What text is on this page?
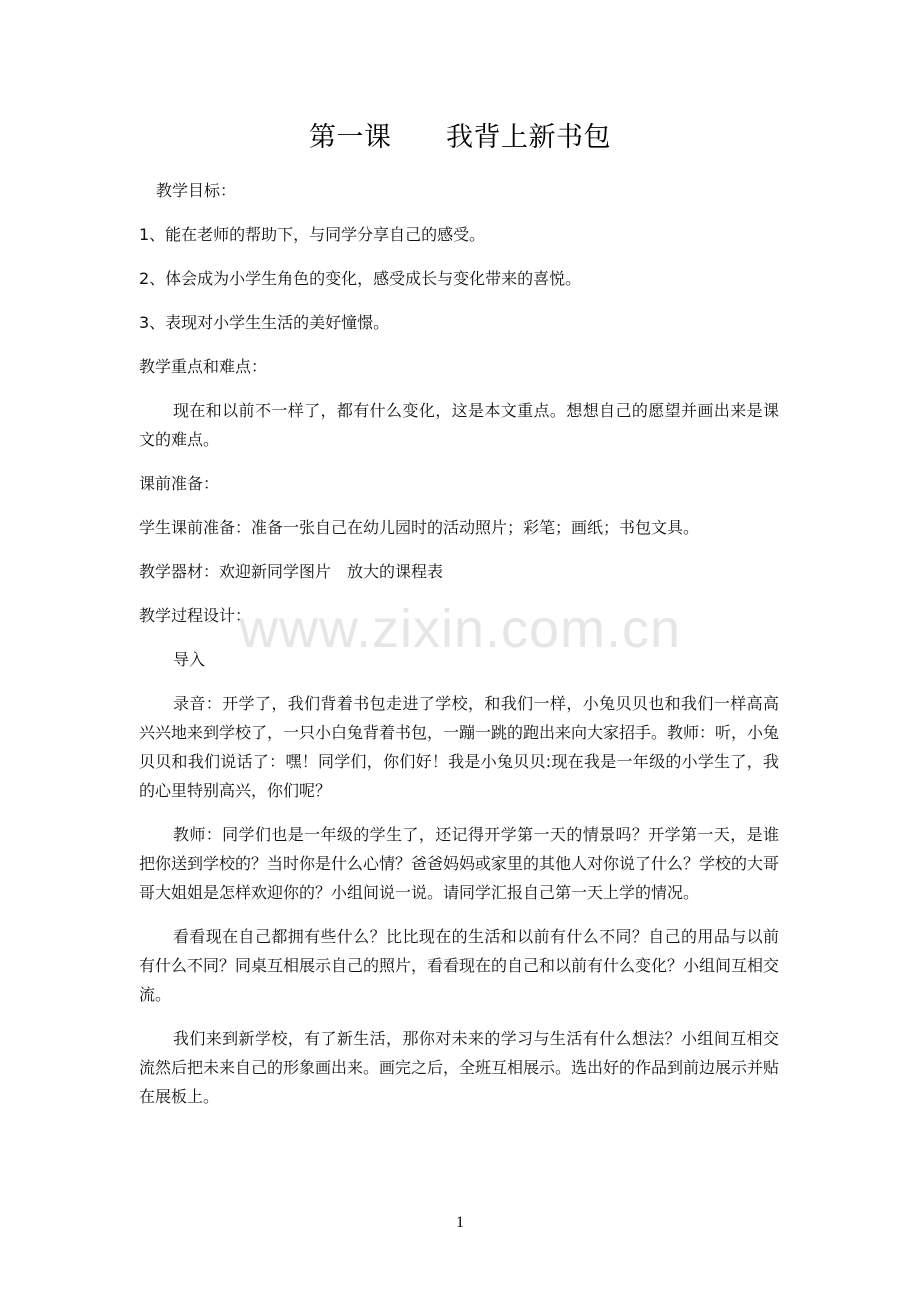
第一课      我背上新书包

教学目标：

1、能在老师的帮助下，与同学分享自己的感受。

2、体会成为小学生角色的变化，感受成长与变化带来的喜悦。

3、表现对小学生生活的美好憧憬。

教学重点和难点：

现在和以前不一样了，都有什么变化，这是本文重点。想想自己的愿望并画出来是课文的难点。

课前准备：

学生课前准备：准备一张自己在幼儿园时的活动照片；彩笔；画纸；书包文具。

教学器材：欢迎新同学图片　放大的课程表

教学过程设计：

导入

录音：开学了，我们背着书包走进了学校，和我们一样，小兔贝贝也和我们一样高高兴兴地来到学校了，一只小白兔背着书包，一蹦一跳的跑出来向大家招手。教师：听，小兔贝贝和我们说话了：嘿！同学们，你们好！我是小兔贝贝:现在我是一年级的小学生了，我的心里特别高兴，你们呢？

教师：同学们也是一年级的学生了，还记得开学第一天的情景吗？开学第一天，是谁把你送到学校的？当时你是什么心情？爸爸妈妈或家里的其他人对你说了什么？学校的大哥哥大姐姐是怎样欢迎你的？小组间说一说。请同学汇报自己第一天上学的情况。

看看现在自己都拥有些什么？比比现在的生活和以前有什么不同？自己的用品与以前有什么不同？同桌互相展示自己的照片，看看现在的自己和以前有什么变化？小组间互相交流。

我们来到新学校，有了新生活，那你对未来的学习与生活有什么想法？小组间互相交流然后把未来自己的形象画出来。画完之后，全班互相展示。选出好的作品到前边展示并贴在展板上。

www.zixin.com.cn
1
